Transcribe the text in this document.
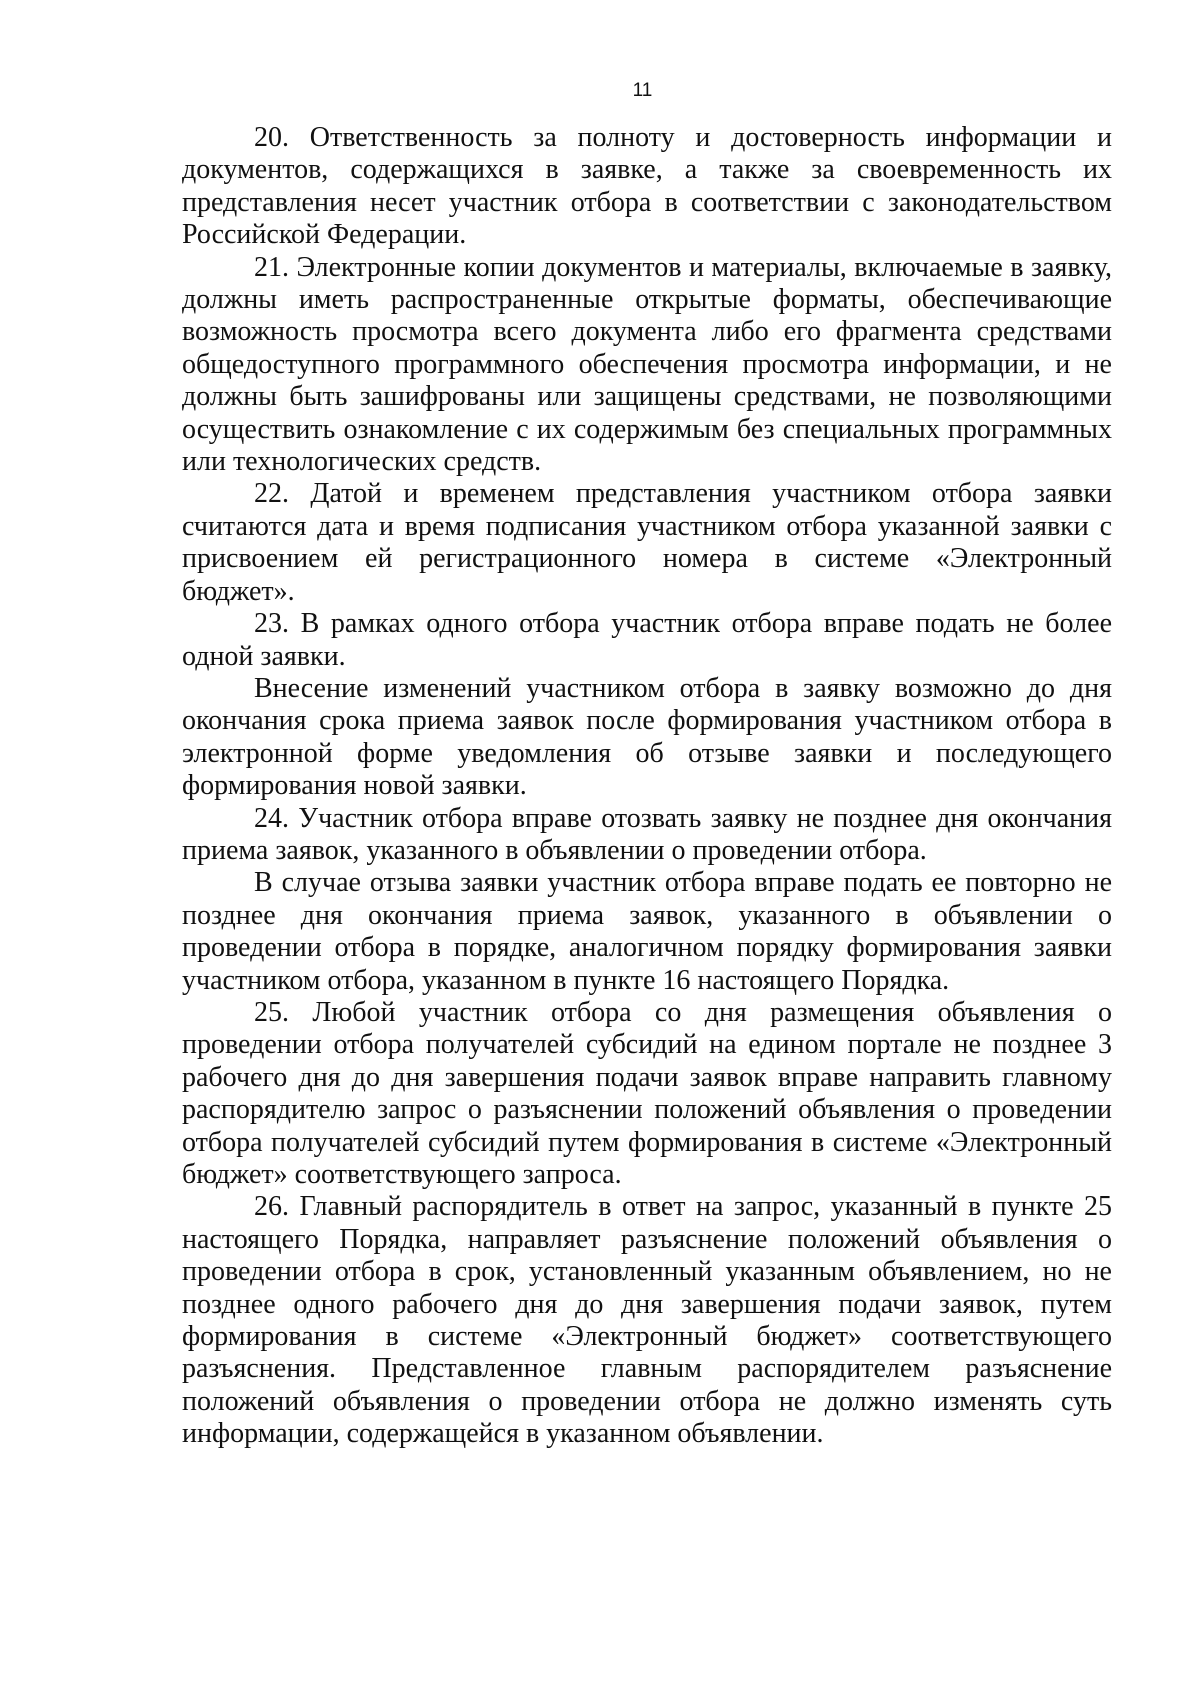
11

20. Ответственность за полноту и достоверность информации и документов, содержащихся в заявке, а также за своевременность их представления несет участник отбора в соответствии с законодательством Российской Федерации.

21. Электронные копии документов и материалы, включаемые в заявку, должны иметь распространенные открытые форматы, обеспечивающие возможность просмотра всего документа либо его фрагмента средствами общедоступного программного обеспечения просмотра информации, и не должны быть зашифрованы или защищены средствами, не позволяющими осуществить ознакомление с их содержимым без специальных программных или технологических средств.

22. Датой и временем представления участником отбора заявки считаются дата и время подписания участником отбора указанной заявки с присвоением ей регистрационного номера в системе «Электронный бюджет».

23. В рамках одного отбора участник отбора вправе подать не более одной заявки.

Внесение изменений участником отбора в заявку возможно до дня окончания срока приема заявок после формирования участником отбора в электронной форме уведомления об отзыве заявки и последующего формирования новой заявки.

24. Участник отбора вправе отозвать заявку не позднее дня окончания приема заявок, указанного в объявлении о проведении отбора.

В случае отзыва заявки участник отбора вправе подать ее повторно не позднее дня окончания приема заявок, указанного в объявлении о проведении отбора в порядке, аналогичном порядку формирования заявки участником отбора, указанном в пункте 16 настоящего Порядка.

25. Любой участник отбора со дня размещения объявления о проведении отбора получателей субсидий на едином портале не позднее 3 рабочего дня до дня завершения подачи заявок вправе направить главному распорядителю запрос о разъяснении положений объявления о проведении отбора получателей субсидий путем формирования в системе «Электронный бюджет» соответствующего запроса.

26. Главный распорядитель в ответ на запрос, указанный в пункте 25 настоящего Порядка, направляет разъяснение положений объявления о проведении отбора в срок, установленный указанным объявлением, но не позднее одного рабочего дня до дня завершения подачи заявок, путем формирования в системе «Электронный бюджет» соответствующего разъяснения. Представленное главным распорядителем разъяснение положений объявления о проведении отбора не должно изменять суть информации, содержащейся в указанном объявлении.
